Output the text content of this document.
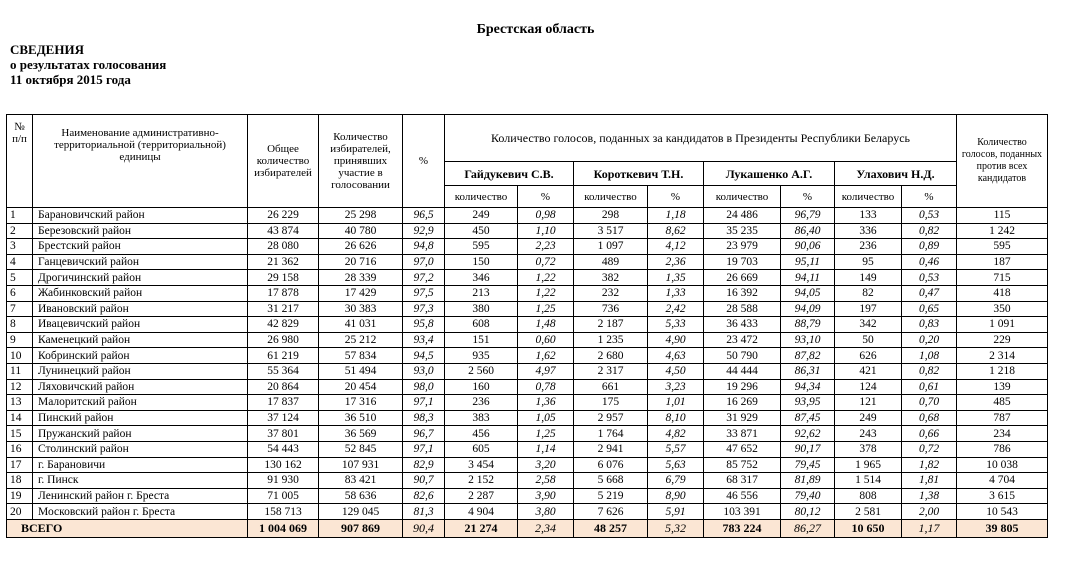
Брестская область
СВЕДЕНИЯ
о результатах голосования
11 октября 2015 года
№ п/п	Наименование административно-территориальной (территориальной) единицы	Общее количество избирателей	Количество избирателей, принявших участие в голосовании	%	Количество голосов, поданных за кандидатов в Президенты Республики Беларусь								Количество голосов, поданных против всех кандидатов
					Гайдукевич С.В.		Короткевич Т.Н.		Лукашенко А.Г.		Улахович Н.Д.		
					количество	%	количество	%	количество	%	количество	%	
1	Барановичский район	26 229	25 298	96,5	249	0,98	298	1,18	24 486	96,79	133	0,53	115
2	Березовский район	43 874	40 780	92,9	450	1,10	3 517	8,62	35 235	86,40	336	0,82	1 242
3	Брестский район	28 080	26 626	94,8	595	2,23	1 097	4,12	23 979	90,06	236	0,89	595
4	Ганцевичский район	21 362	20 716	97,0	150	0,72	489	2,36	19 703	95,11	95	0,46	187
5	Дрогичинский район	29 158	28 339	97,2	346	1,22	382	1,35	26 669	94,11	149	0,53	715
6	Жабинковский район	17 878	17 429	97,5	213	1,22	232	1,33	16 392	94,05	82	0,47	418
7	Ивановский район	31 217	30 383	97,3	380	1,25	736	2,42	28 588	94,09	197	0,65	350
8	Ивацевичский район	42 829	41 031	95,8	608	1,48	2 187	5,33	36 433	88,79	342	0,83	1 091
9	Каменецкий район	26 980	25 212	93,4	151	0,60	1 235	4,90	23 472	93,10	50	0,20	229
10	Кобринский район	61 219	57 834	94,5	935	1,62	2 680	4,63	50 790	87,82	626	1,08	2 314
11	Лунинецкий район	55 364	51 494	93,0	2 560	4,97	2 317	4,50	44 444	86,31	421	0,82	1 218
12	Ляховичский район	20 864	20 454	98,0	160	0,78	661	3,23	19 296	94,34	124	0,61	139
13	Малоритский район	17 837	17 316	97,1	236	1,36	175	1,01	16 269	93,95	121	0,70	485
14	Пинский район	37 124	36 510	98,3	383	1,05	2 957	8,10	31 929	87,45	249	0,68	787
15	Пружанский район	37 801	36 569	96,7	456	1,25	1 764	4,82	33 871	92,62	243	0,66	234
16	Столинский район	54 443	52 845	97,1	605	1,14	2 941	5,57	47 652	90,17	378	0,72	786
17	г. Барановичи	130 162	107 931	82,9	3 454	3,20	6 076	5,63	85 752	79,45	1 965	1,82	10 038
18	г. Пинск	91 930	83 421	90,7	2 152	2,58	5 668	6,79	68 317	81,89	1 514	1,81	4 704
19	Ленинский район г. Бреста	71 005	58 636	82,6	2 287	3,90	5 219	8,90	46 556	79,40	808	1,38	3 615
20	Московский район г. Бреста	158 713	129 045	81,3	4 904	3,80	7 626	5,91	103 391	80,12	2 581	2,00	10 543
ВСЕГО		1 004 069	907 869	90,4	21 274	2,34	48 257	5,32	783 224	86,27	10 650	1,17	39 805
